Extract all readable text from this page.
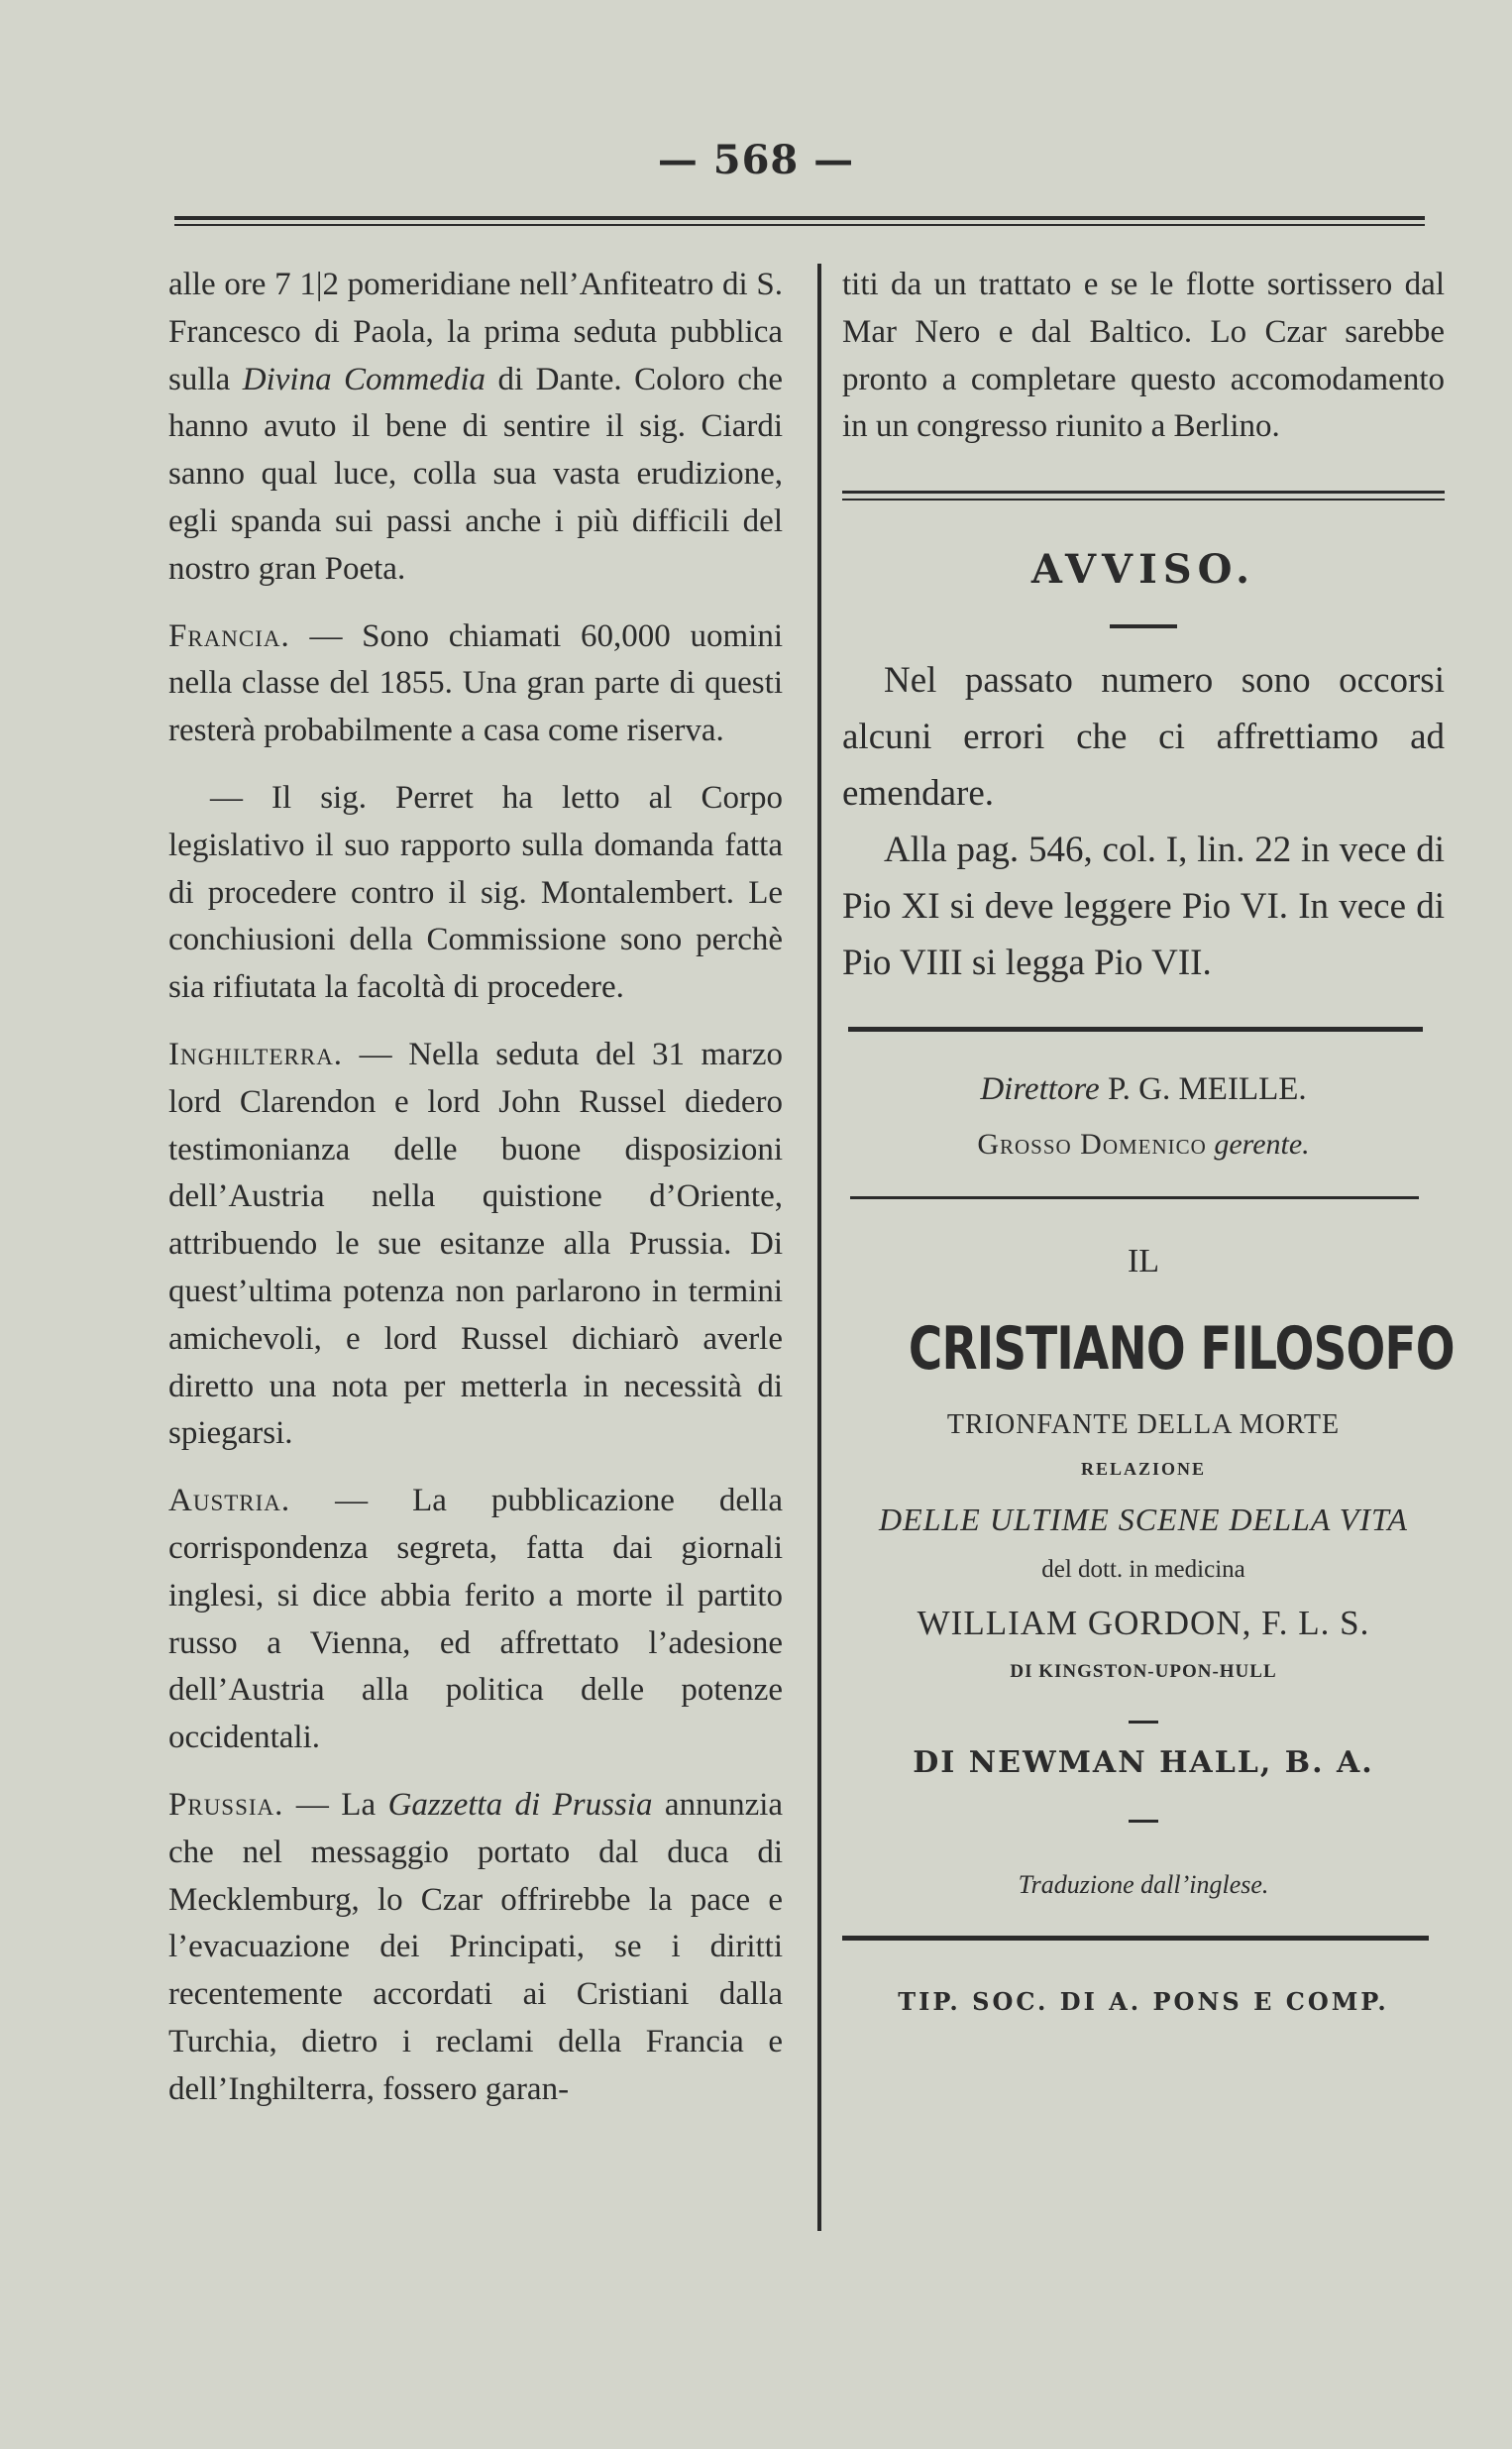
— 568 —

alle ore 7 1|2 pomeridiane nell’Anfiteatro di S. Francesco di Paola, la prima seduta pubblica sulla Divina Commedia di Dante. Coloro che hanno avuto il bene di sentire il sig. Ciardi sanno qual luce, colla sua vasta erudizione, egli spanda sui passi anche i più difficili del nostro gran Poeta.

Francia. — Sono chiamati 60,000 uomini nella classe del 1855. Una gran parte di questi resterà probabilmente a casa come riserva.

— Il sig. Perret ha letto al Corpo legislativo il suo rapporto sulla domanda fatta di procedere contro il sig. Montalembert. Le conchiusioni della Commissione sono perchè sia rifiutata la facoltà di procedere.

Inghilterra. — Nella seduta del 31 marzo lord Clarendon e lord John Russel diedero testimonianza delle buone disposizioni dell’Austria nella quistione d’Oriente, attribuendo le sue esitanze alla Prussia. Di quest’ultima potenza non parlarono in termini amichevoli, e lord Russel dichiarò averle diretto una nota per metterla in necessità di spiegarsi.

Austria. — La pubblicazione della corrispondenza segreta, fatta dai giornali inglesi, si dice abbia ferito a morte il partito russo a Vienna, ed affrettato l’adesione dell’Austria alla politica delle potenze occidentali.

Prussia. — La Gazzetta di Prussia annunzia che nel messaggio portato dal duca di Mecklemburg, lo Czar offrirebbe la pace e l’evacuazione dei Principati, se i diritti recentemente accordati ai Cristiani dalla Turchia, dietro i reclami della Francia e dell’Inghilterra, fossero garan-

titi da un trattato e se le flotte sortissero dal Mar Nero e dal Baltico. Lo Czar sarebbe pronto a completare questo accomodamento in un congresso riunito a Berlino.

AVVISO.

Nel passato numero sono occorsi alcuni errori che ci affrettiamo ad emendare.

Alla pag. 546, col. I, lin. 22 in vece di Pio XI si deve leggere Pio VI. In vece di Pio VIII si legga Pio VII.

Direttore P. G. MEILLE.
Grosso Domenico gerente.
IL
CRISTIANO FILOSOFO
TRIONFANTE DELLA MORTE
RELAZIONE
DELLE ULTIME SCENE DELLA VITA
del dott. in medicina
WILLIAM GORDON, F. L. S.
DI KINGSTON-UPON-HULL
DI NEWMAN HALL, B. A.
Traduzione dall’inglese.
TIP. SOC. DI A. PONS E COMP.
